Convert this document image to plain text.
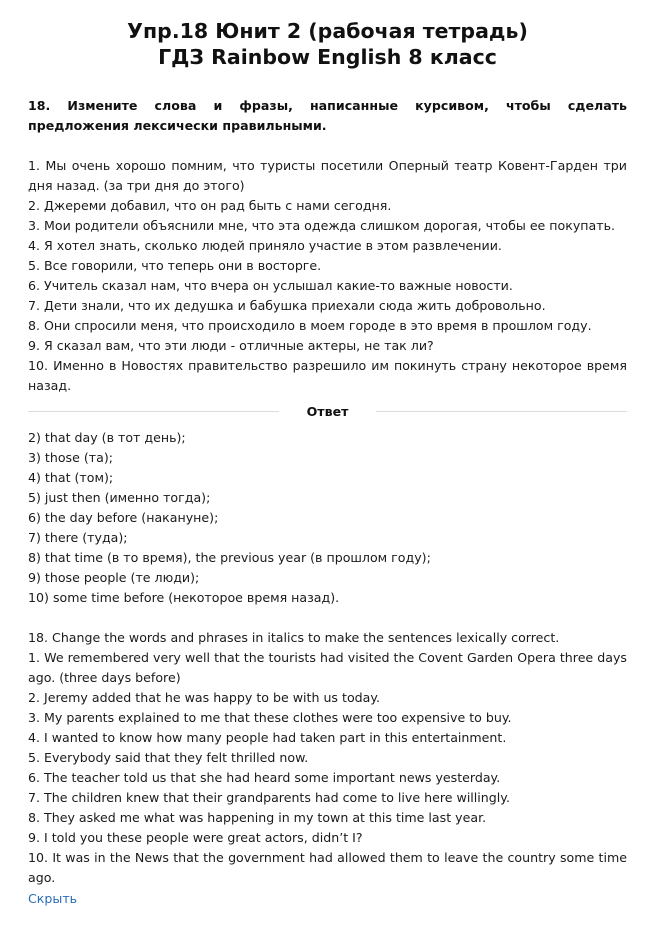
Упр.18 Юнит 2 (рабочая тетрадь)
ГДЗ Rainbow English 8 класс
18. Измените слова и фразы, написанные курсивом, чтобы сделать предложения лексически правильными.
1. Мы очень хорошо помним, что туристы посетили Оперный театр Ковент-Гарден три дня назад. (за три дня до этого)
2. Джереми добавил, что он рад быть с нами сегодня.
3. Мои родители объяснили мне, что эта одежда слишком дорогая, чтобы ее покупать.
4. Я хотел знать, сколько людей приняло участие в этом развлечении.
5. Все говорили, что теперь они в восторге.
6. Учитель сказал нам, что вчера он услышал какие-то важные новости.
7. Дети знали, что их дедушка и бабушка приехали сюда жить добровольно.
8. Они спросили меня, что происходило в моем городе в это время в прошлом году.
9. Я сказал вам, что эти люди - отличные актеры, не так ли?
10. Именно в Новостях правительство разрешило им покинуть страну некоторое время назад.
Ответ
2) that day (в тот день);
3) those (та);
4) that (том);
5) just then (именно тогда);
6) the day before (накануне);
7) there (туда);
8) that time (в то время), the previous year (в прошлом году);
9) those people (те люди);
10) some time before (некоторое время назад).
18. Change the words and phrases in italics to make the sentences lexically correct.
1. We remembered very well that the tourists had visited the Covent Garden Opera three days ago. (three days before)
2. Jeremy added that he was happy to be with us today.
3. My parents explained to me that these clothes were too expensive to buy.
4. I wanted to know how many people had taken part in this entertainment.
5. Everybody said that they felt thrilled now.
6. The teacher told us that she had heard some important news yesterday.
7. The children knew that their grandparents had come to live here willingly.
8. They asked me what was happening in my town at this time last year.
9. I told you these people were great actors, didn’t I?
10. It was in the News that the government had allowed them to leave the country some time ago.
Скрыть
